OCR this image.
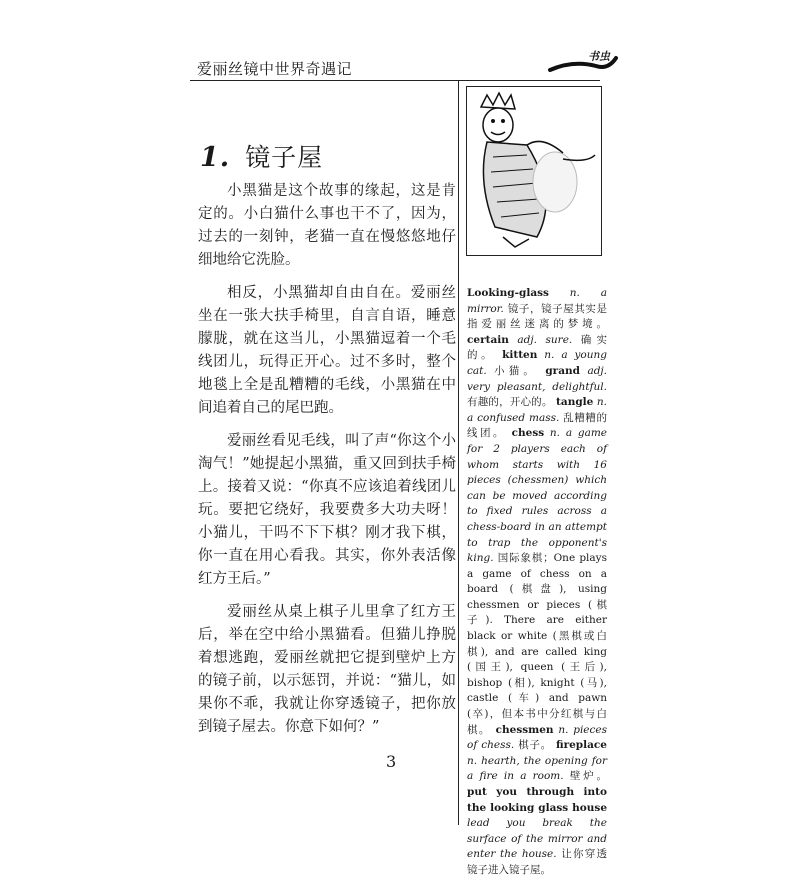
爱丽丝镜中世界奇遇记
书虫
1. 镜子屋

小黑猫是这个故事的缘起，这是肯定的。小白猫什么事也干不了，因为，过去的一刻钟，老猫一直在慢悠悠地仔细地给它洗脸。

相反，小黑猫却自由自在。爱丽丝坐在一张大扶手椅里，自言自语，睡意朦胧，就在这当儿，小黑猫逗着一个毛线团儿，玩得正开心。过不多时，整个地毯上全是乱糟糟的毛线，小黑猫在中间追着自己的尾巴跑。

爱丽丝看见毛线，叫了声“你这个小淘气！”她提起小黑猫，重又回到扶手椅上。接着又说：“你真不应该追着线团儿玩。要把它绕好，我要费多大功夫呀！小猫儿，干吗不下下棋？刚才我下棋，你一直在用心看我。其实，你外表活像红方王后。”

爱丽丝从桌上棋子儿里拿了红方王后，举在空中给小黑猫看。但猫儿挣脱着想逃跑，爱丽丝就把它提到壁炉上方的镜子前，以示惩罚，并说：“猫儿，如果你不乖，我就让你穿透镜子，把你放到镜子屋去。你意下如何？”

Looking-glass n. a mirror. 镜子，镜子屋其实是指爱丽丝迷离的梦境。 certain adj. sure. 确实的。 kitten n. a young cat. 小猫。 grand adj. very pleasant, delightful. 有趣的，开心的。 tangle n. a confused mass. 乱糟糟的线团。 chess n. a game for 2 players each of whom starts with 16 pieces (chessmen) which can be moved according to fixed rules across a chess-board in an attempt to trap the opponent's king. 国际象棋；One plays a game of chess on a board (棋盘), using chessmen or pieces (棋子). There are either black or white (黑棋或白棋), and are called king (国王), queen (王后), bishop (相), knight (马), castle (车) and pawn (卒)，但本书中分红棋与白棋。 chessmen n. pieces of chess. 棋子。 fireplace n. hearth, the opening for a fire in a room. 壁炉。 put you through into the looking glass house lead you break the surface of the mirror and enter the house. 让你穿透镜子进入镜子屋。
3
